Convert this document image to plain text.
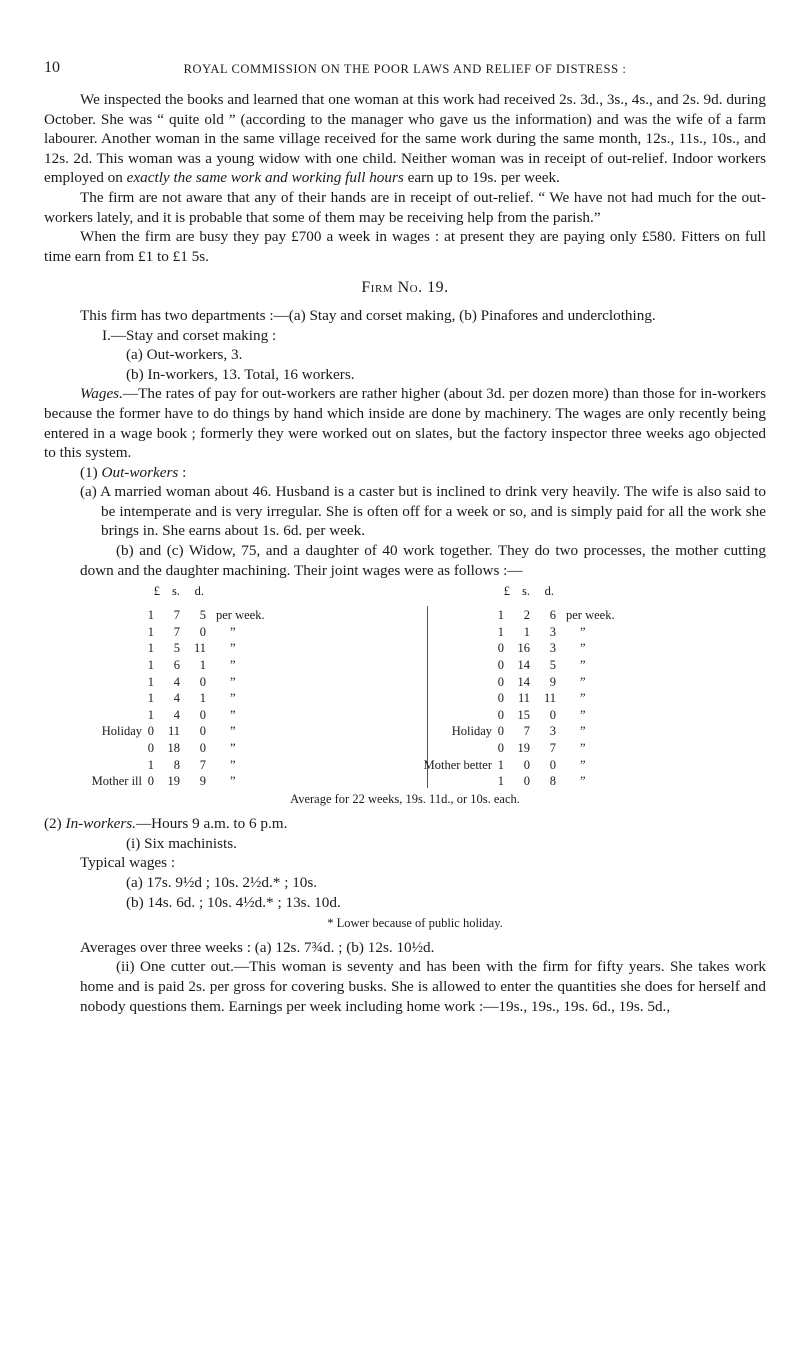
10	ROYAL COMMISSION ON THE POOR LAWS AND RELIEF OF DISTRESS :

We inspected the books and learned that one woman at this work had received 2s. 3d., 3s., 4s., and 2s. 9d. during October. She was “ quite old ” (according to the manager who gave us the information) and was the wife of a farm labourer. Another woman in the same village received for the same work during the same month, 12s., 11s., 10s., and 12s. 2d. This woman was a young widow with one child. Neither woman was in receipt of out-relief. Indoor workers employed on exactly the same work and working full hours earn up to 19s. per week.

The firm are not aware that any of their hands are in receipt of out-relief. “ We have not had much for the out-workers lately, and it is probable that some of them may be receiving help from the parish.”

When the firm are busy they pay £700 a week in wages : at present they are paying only £580. Fitters on full time earn from £1 to £1 5s.

Firm No. 19.

This firm has two departments :—(a) Stay and corset making, (b) Pinafores and underclothing.

I.—Stay and corset making :

(a) Out-workers, 3.

(b) In-workers, 13. Total, 16 workers.

Wages.—The rates of pay for out-workers are rather higher (about 3d. per dozen more) than those for in-workers because the former have to do things by hand which inside are done by machinery. The wages are only recently being entered in a wage book ; formerly they were worked out on slates, but the factory inspector three weeks ago objected to this system.

(1) Out-workers :

(a) A married woman about 46. Husband is a caster but is inclined to drink very heavily. The wife is also said to be intemperate and is very irregular. She is often off for a week or so, and is simply paid for all the work she brings in. She earns about 1s. 6d. per week.

(b) and (c) Widow, 75, and a daughter of 40 work together. They do two processes, the mother cutting down and the daughter machining. Their joint wages were as follows :—

£ s.	d.
1	7	5 per week.
1	7	0 ”
1	5	11 ”
1	6	1 ”
1	4	0 ”
1	4	1 ”
1	4	0 ”
Holiday 0	11	0 ”
0 18	0 ”
1	8	7 ”
Mother ill 0 19	9 ”
£ s.	d.
1	2	6 per week.
1	1	3 ”
0 16	3 ”
0 14	5 ”
0 14	9 ”
0	11	11 ”
0 15	0 ”
Holiday 0	7	3 ”
0 19	7 ”
Mother better 1	0	0 ”
1	0	8 ”
Average for 22 weeks, 19s. 11d., or 10s. each.

(2) In-workers.—Hours 9 a.m. to 6 p.m.

(i) Six machinists.

Typical wages :

(a) 17s. 9½d ; 10s. 2½d.* ; 10s.

(b) 14s. 6d. ; 10s. 4½d.* ; 13s. 10d.

* Lower because of public holiday.

Averages over three weeks : (a) 12s. 7¾d. ; (b) 12s. 10½d.

(ii) One cutter out.—This woman is seventy and has been with the firm for fifty years. She takes work home and is paid 2s. per gross for covering busks. She is allowed to enter the quantities she does for herself and nobody questions them. Earnings per week including home work :—19s., 19s., 19s. 6d., 19s. 5d.,
